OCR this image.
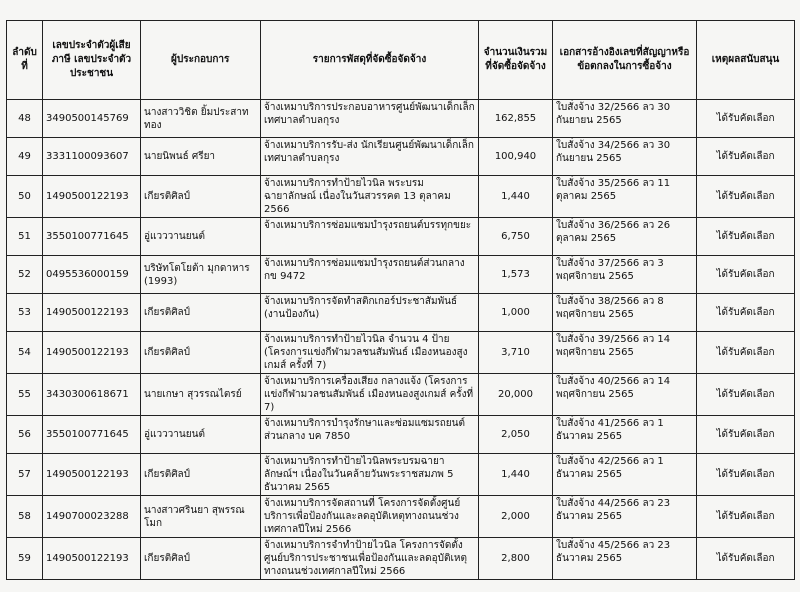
ลำดับที่	เลขประจำตัวผู้เสียภาษี เลขประจำตัวประชาชน	ผู้ประกอบการ	รายการพัสดุที่จัดซื้อจัดจ้าง	จำนวนเงินรวมที่จัดซื้อจัดจ้าง	เอกสารอ้างอิงเลขที่สัญญาหรือข้อตกลงในการซื้อจ้าง	เหตุผลสนับสนุน
48	3490500145769	นางสาววิชิต ยิ้มประสาททอง	จ้างเหมาบริการประกอบอาหารศูนย์พัฒนาเด็กเล็กเทศบาลตำบลกุรง	162,855	ใบสั่งจ้าง 32/2566 ลว 30 กันยายน 2565	ได้รับคัดเลือก
49	3331100093607	นายนิพนธ์ ศรียา	จ้างเหมาบริการรับ-ส่ง นักเรียนศูนย์พัฒนาเด็กเล็กเทศบาลตำบลกุรง	100,940	ใบสั่งจ้าง 34/2566 ลว 30 กันยายน 2565	ได้รับคัดเลือก
50	1490500122193	เกียรติศิลป์	จ้างเหมาบริการทำป้ายไวนิล พระบรมฉายาลักษณ์ เนื่องในวันสวรรคต 13 ตุลาคม 2566	1,440	ใบสั่งจ้าง 35/2566 ลว 11 ตุลาคม 2565	ได้รับคัดเลือก
51	3550100771645	อู่แวววานยนต์	จ้างเหมาบริการซ่อมแซมบำรุงรถยนต์บรรทุกขยะ	6,750	ใบสั่งจ้าง 36/2566 ลว 26 ตุลาคม 2565	ได้รับคัดเลือก
52	0495536000159	บริษัทโตโยต้า มุกดาหาร (1993)	จ้างเหมาบริการซ่อมแซมบำรุงรถยนต์ส่วนกลาง กข 9472	1,573	ใบสั่งจ้าง 37/2566 ลว 3 พฤศจิกายน 2565	ได้รับคัดเลือก
53	1490500122193	เกียรติศิลป์	จ้างเหมาบริการจัดทำสติกเกอร์ประชาสัมพันธ์ (งานป้องกัน)	1,000	ใบสั่งจ้าง 38/2566 ลว 8 พฤศจิกายน 2565	ได้รับคัดเลือก
54	1490500122193	เกียรติศิลป์	จ้างเหมาบริการทำป้ายไวนิล จำนวน 4 ป้าย (โครงการแข่งกีฬามวลชนสัมพันธ์ เมืองหนองสูงเกมส์ ครั้งที่ 7)	3,710	ใบสั่งจ้าง 39/2566 ลว 14 พฤศจิกายน 2565	ได้รับคัดเลือก
55	3430300618671	นายเกษา สุวรรณไตรย์	จ้างเหมาบริการเครื่องเสียง กลางแจ้ง (โครงการแข่งกีฬามวลชนสัมพันธ์ เมืองหนองสูงเกมส์ ครั้งที่ 7)	20,000	ใบสั่งจ้าง 40/2566 ลว 14 พฤศจิกายน 2565	ได้รับคัดเลือก
56	3550100771645	อู่แวววานยนต์	จ้างเหมาบริการบำรุงรักษาและซ่อมแซมรถยนต์ส่วนกลาง บค 7850	2,050	ใบสั่งจ้าง 41/2566 ลว 1 ธันวาคม 2565	ได้รับคัดเลือก
57	1490500122193	เกียรติศิลป์	จ้างเหมาบริการทำป้ายไวนิลพระบรมฉายาลักษณ์ฯ เนื่องในวันคล้ายวันพระราชสมภพ 5 ธันวาคม 2565	1,440	ใบสั่งจ้าง 42/2566 ลว 1 ธันวาคม 2565	ได้รับคัดเลือก
58	1490700023288	นางสาวศรินยา สุพรรณโมก	จ้างเหมาบริการจัดสถานที่ โครงการจัดตั้งศูนย์บริการเพื่อป้องกันและลดอุบัติเหตุทางถนนช่วงเทศกาลปีใหม่ 2566	2,000	ใบสั่งจ้าง 44/2566 ลว 23 ธันวาคม 2565	ได้รับคัดเลือก
59	1490500122193	เกียรติศิลป์	จ้างเหมาบริการจำทำป้ายไวนิล โครงการจัดตั้งศูนย์บริการประชาชนเพื่อป้องกันและลดอุบัติเหตุทางถนนช่วงเทศกาลปีใหม่ 2566	2,800	ใบสั่งจ้าง 45/2566 ลว 23 ธันวาคม 2565	ได้รับคัดเลือก
